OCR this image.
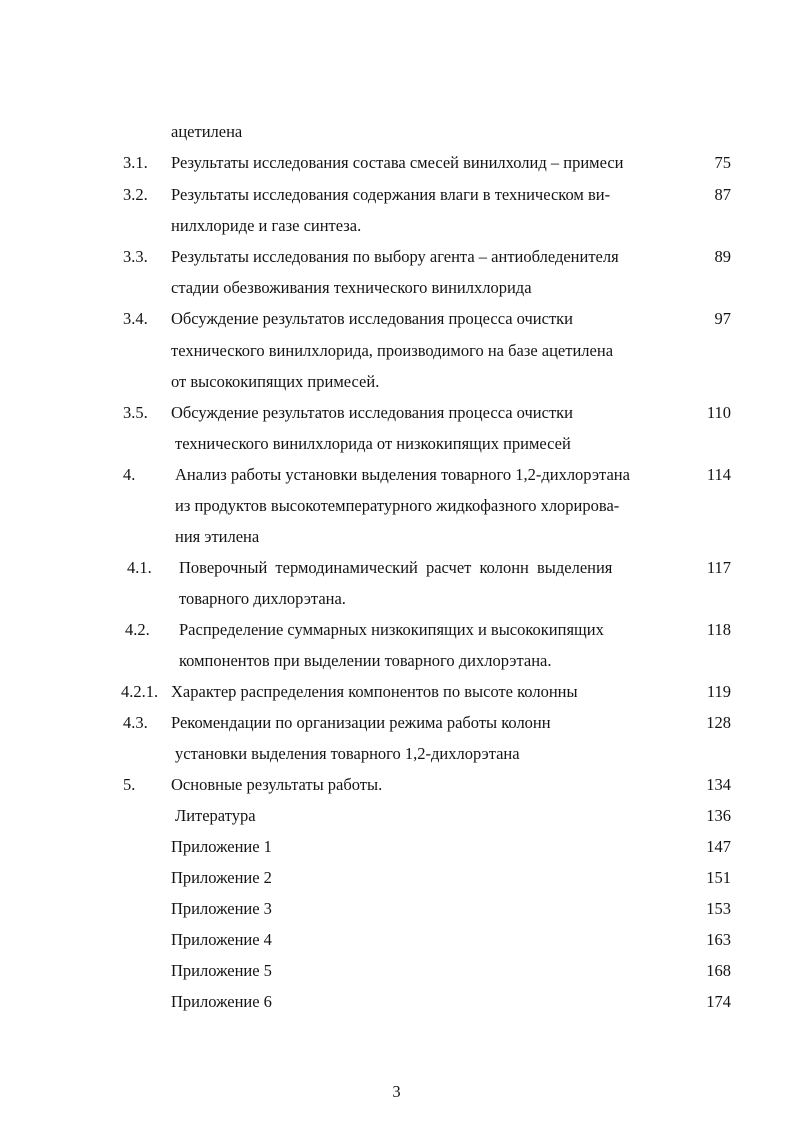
ацетилена
3.1. Результаты исследования состава смесей винилхолид – примеси	75
3.2. Результаты исследования содержания влаги в техническом ви-	87
нилхлориде и газе синтеза.
3.3. Результаты исследования по выбору агента – антиобледенителя	89
стадии обезвоживания технического винилхлорида
3.4. Обсуждение результатов исследования процесса очистки	97
технического винилхлорида, производимого на базе ацетилена
от высококипящих примесей.
3.5. Обсуждение результатов исследования процесса очистки	110
технического винилхлорида от низкокипящих примесей
4. Анализ работы установки выделения товарного 1,2-дихлорэтана	114
из продуктов высокотемпературного жидкофазного хлорирова-
ния этилена
4.1. Поверочный термодинамический расчет колонн выделения	117
товарного дихлорэтана.
4.2. Распределение суммарных низкокипящих и высококипящих	118
компонентов при выделении товарного дихлорэтана.
4.2.1. Характер распределения компонентов по высоте колонны	119
4.3. Рекомендации по организации режима работы колонн	128
установки выделения товарного 1,2-дихлорэтана
5. Основные результаты работы.	134
Литература	136
Приложение 1	147
Приложение 2	151
Приложение 3	153
Приложение 4	163
Приложение 5	168
Приложение 6	174
3
